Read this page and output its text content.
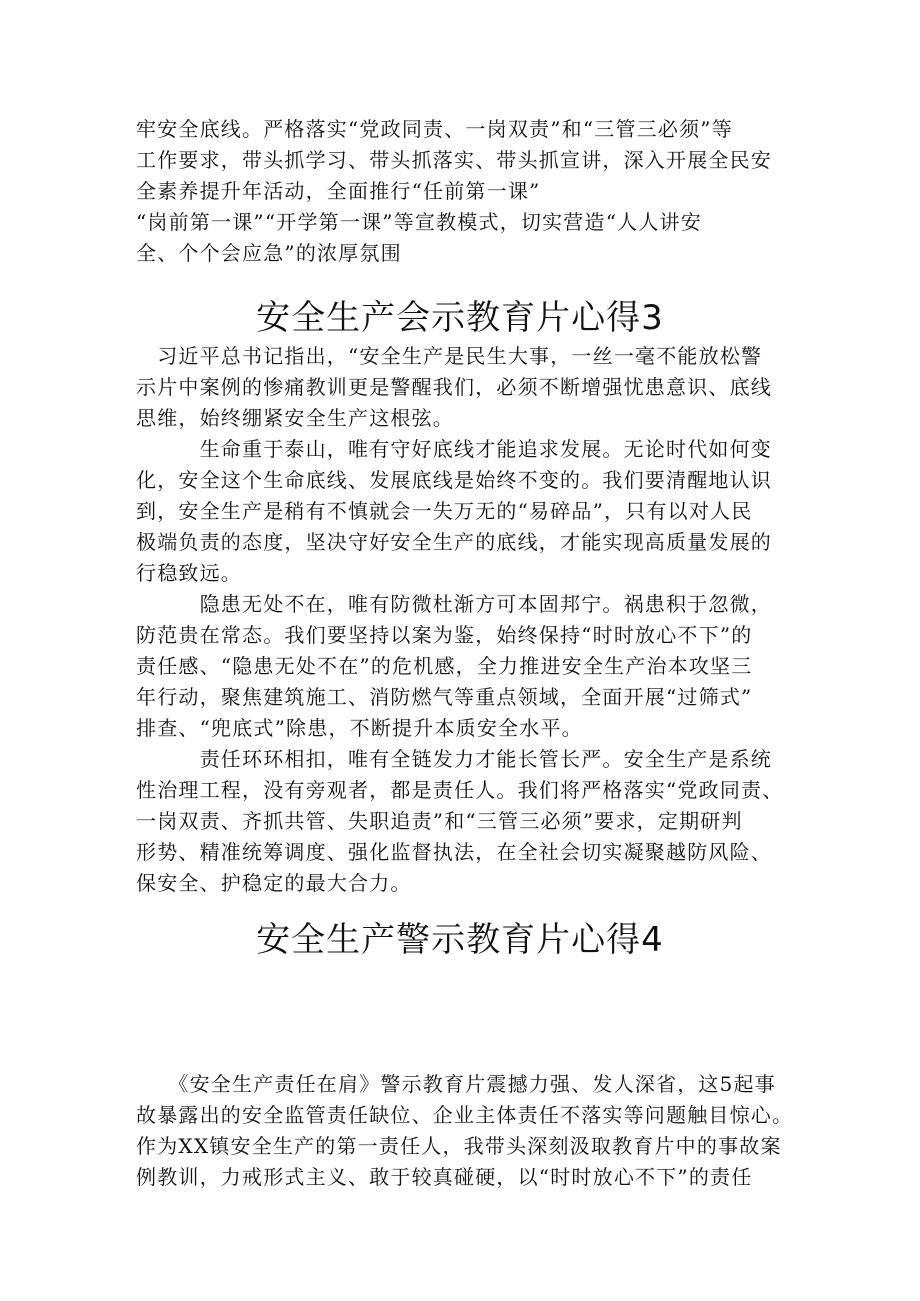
牢安全底线。严格落实“党政同责、一岗双责”和“三管三必须”等
工作要求，带头抓学习、带头抓落实、带头抓宣讲，深入开展全民安
全素养提升年活动，全面推行“任前第一课”
“岗前第一课”“开学第一课”等宣教模式，切实营造“人人讲安
全、个个会应急”的浓厚氛围
安全生产会示教育片心得3
　习近平总书记指出，“安全生产是民生大事，一丝一毫不能放松警
示片中案例的惨痛教训更是警醒我们，必须不断增强忧患意识、底线
思维，始终绷紧安全生产这根弦。
　　　生命重于泰山，唯有守好底线才能追求发展。无论时代如何变
化，安全这个生命底线、发展底线是始终不变的。我们要清醒地认识
到，安全生产是稍有不慎就会一失万无的“易碎品”，只有以对人民
极端负责的态度，坚决守好安全生产的底线，才能实现高质量发展的
行稳致远。
　　　隐患无处不在，唯有防微杜渐方可本固邦宁。祸患积于忽微，
防范贵在常态。我们要坚持以案为鉴，始终保持“时时放心不下”的
责任感、“隐患无处不在”的危机感，全力推进安全生产治本攻坚三
年行动，聚焦建筑施工、消防燃气等重点领域，全面开展“过筛式”
排查、“兜底式”除患，不断提升本质安全水平。
　　　责任环环相扣，唯有全链发力才能长管长严。安全生产是系统
性治理工程，没有旁观者，都是责任人。我们将严格落实“党政同责、
一岗双责、齐抓共管、失职追责”和“三管三必须”要求，定期研判
形势、精准统筹调度、强化监督执法，在全社会切实凝聚越防风险、
保安全、护稳定的最大合力。
安全生产警示教育片心得4
　　《安全生产责任在肩》警示教育片震撼力强、发人深省，这5起事
故暴露出的安全监管责任缺位、企业主体责任不落实等问题触目惊心。
作为XX镇安全生产的第一责任人，我带头深刻汲取教育片中的事故案
例教训，力戒形式主义、敢于较真碰硬，以“时时放心不下”的责任
